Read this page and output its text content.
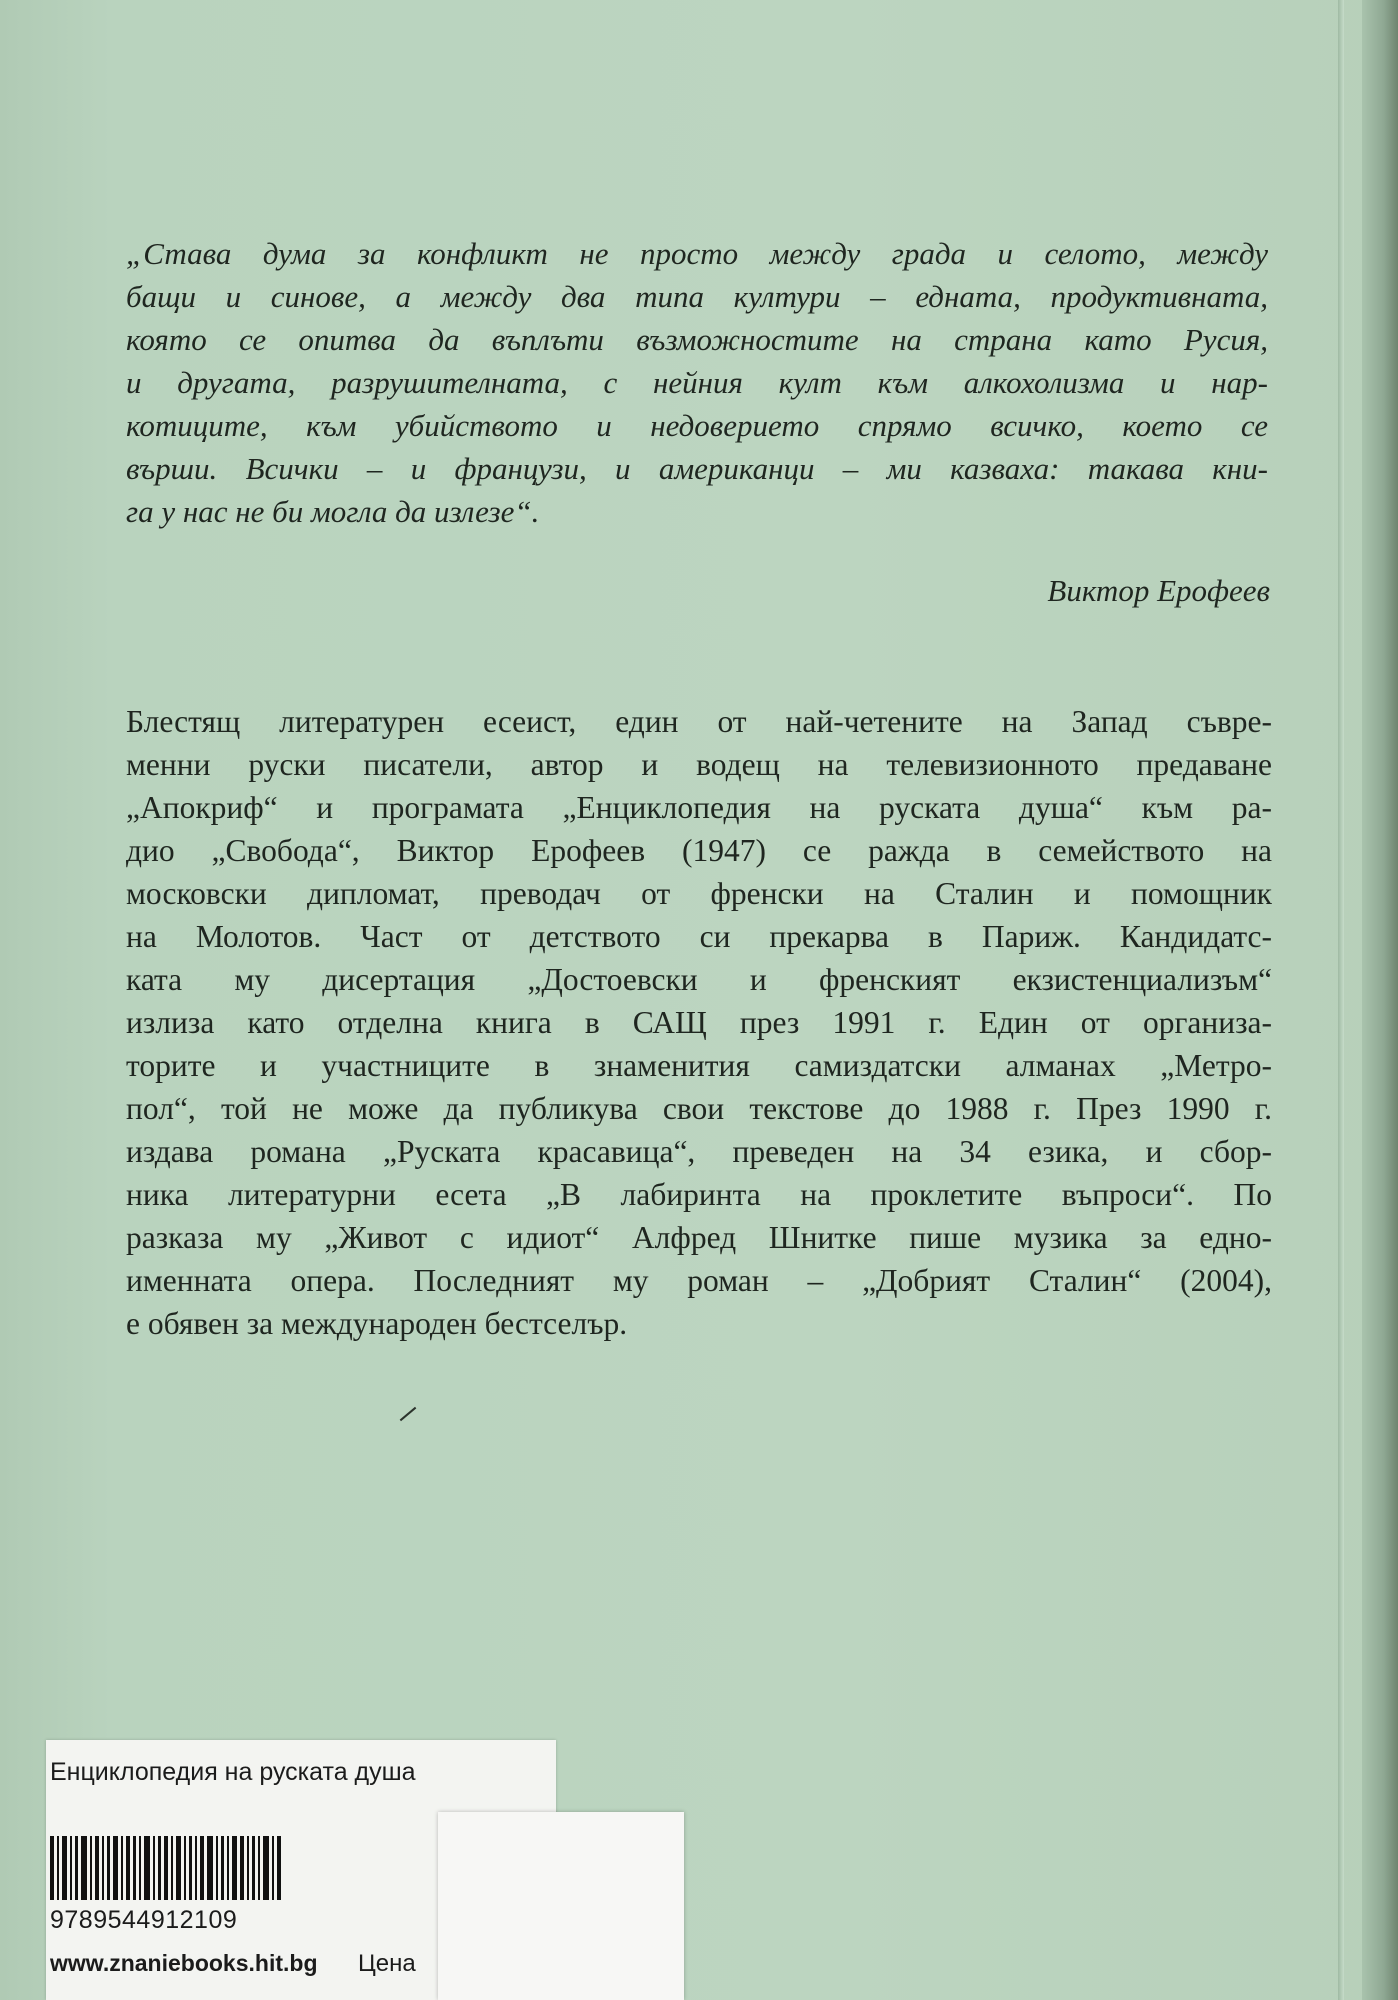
„Става дума за конфликт не просто между града и селото, между
бащи и синове, а между два типа култури – едната, продуктивната,
която се опитва да въплъти възможностите на страна като Русия,
и другата, разрушителната, с нейния култ към алкохолизма и нар-
котиците, към убийството и недоверието спрямо всичко, което се
върши. Всички – и французи, и американци – ми казваха: такава кни-
га у нас не би могла да излезе“.
Виктор Ерофеев
Блестящ литературен есеист, един от най-четените на Запад съвре-
менни руски писатели, автор и водещ на телевизионното предаване
„Апокриф“ и програмата „Енциклопедия на руската душа“ към ра-
дио „Свобода“, Виктор Ерофеев (1947) се ражда в семейството на
московски дипломат, преводач от френски на Сталин и помощник
на Молотов. Част от детството си прекарва в Париж. Кандидатс-
ката му дисертация „Достоевски и френският екзистенциализъм“
излиза като отделна книга в САЩ през 1991 г. Един от организа-
торите и участниците в знаменития самиздатски алманах „Метро-
пол“, той не може да публикува свои текстове до 1988 г. През 1990 г.
издава романа „Руската красавица“, преведен на 34 езика, и сбор-
ника литературни есета „В лабиринта на проклетите въпроси“. По
разказа му „Живот с идиот“ Алфред Шнитке пише музика за едно-
именната опера. Последният му роман – „Добрият Сталин“ (2004),
е обявен за международен бестселър.
Енциклопедия на руската душа
9789544912109
www.znaniebooks.hit.bg Цена
